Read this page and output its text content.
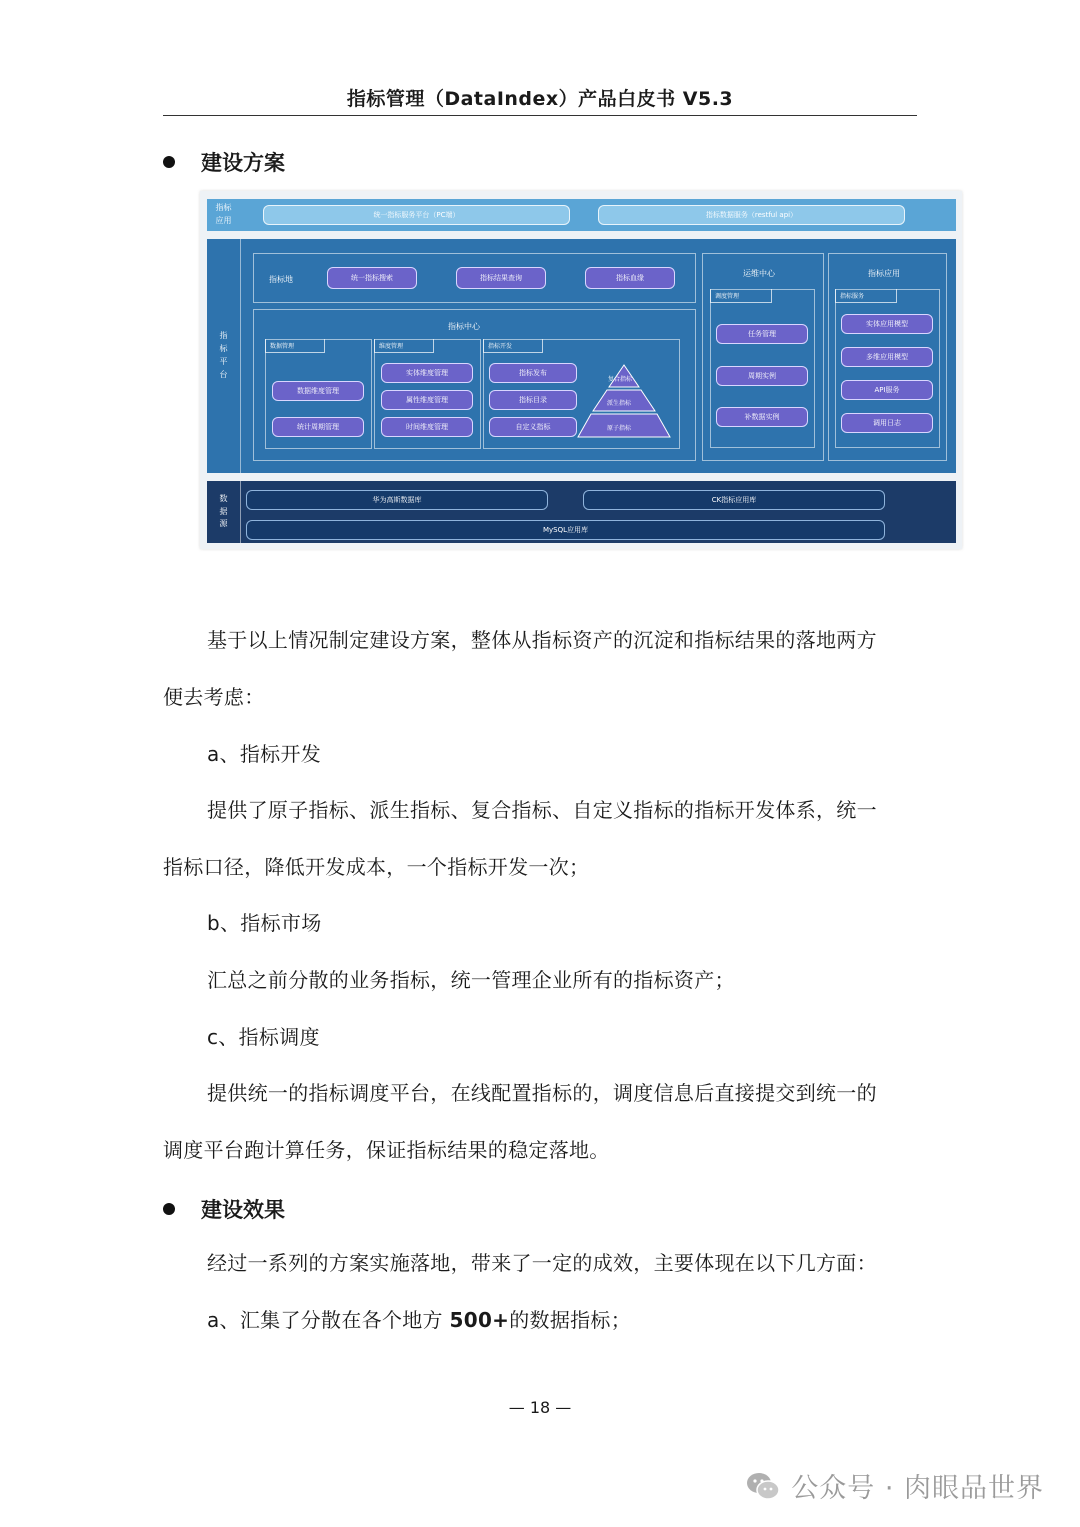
指标管理（DataIndex）产品白皮书 V5.3
建设方案
指标
应用
统一指标服务平台（PC端）	指标数据服务（restful api）
指
标
平
台
指标地	统一指标搜索	指标结果查询	指标血缘
指标中心
数据管理
数据维度管理
统计周期管理
维度管理
实体维度管理
属性维度管理
时间维度管理
指标开发
指标发布
指标目录
自定义指标
复合指标
派生指标
原子指标
运维中心
调度管理
任务管理
周期实例
补数据实例
指标应用
指标服务
实体应用模型
多维应用模型
API服务
调用日志
数
据
源
华为高斯数据库	CK指标应用库
MySQL应用库
基于以上情况制定建设方案，整体从指标资产的沉淀和指标结果的落地两方
便去考虑：
a、指标开发
提供了原子指标、派生指标、复合指标、自定义指标的指标开发体系，统一
指标口径，降低开发成本，一个指标开发一次；
b、指标市场
汇总之前分散的业务指标，统一管理企业所有的指标资产；
c、指标调度
提供统一的指标调度平台，在线配置指标的，调度信息后直接提交到统一的
调度平台跑计算任务，保证指标结果的稳定落地。
建设效果
经过一系列的方案实施落地，带来了一定的成效，主要体现在以下几方面：
a、汇集了分散在各个地方 500+的数据指标；
— 18 —
公众号 · 肉眼品世界
